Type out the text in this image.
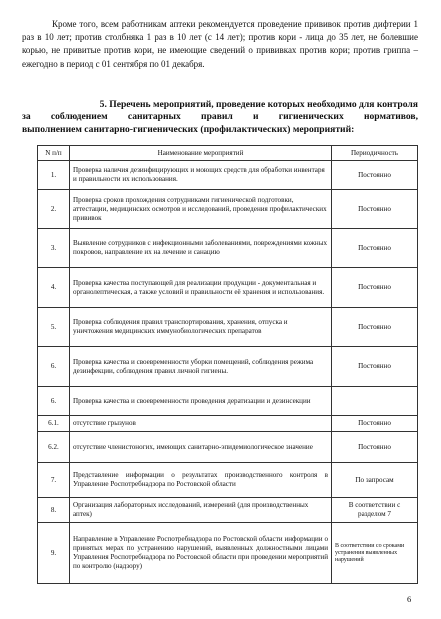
Кроме того, всем работникам аптеки рекомендуется проведение прививок против дифтерии 1 раз в 10 лет; против столбняка 1 раз в 10 лет (с 14 лет); против кори - лица до 35 лет, не болевшие корью, не привитые против кори, не имеющие сведений о прививках против кори; против гриппа – ежегодно в период с 01 сентября по 01 декабря.

5. Перечень мероприятий, проведение которых необходимо для контроля
за соблюдением санитарных правил и гигиенических нормативов,
выполнением санитарно-гигиенических (профилактических) мероприятий:
N п/п	Наименование мероприятий	Периодичность
1.	Проверка наличия дезинфицирующих и моющих средств для обработки инвентаря и правильности их использования.	Постоянно
2.	Проверка сроков прохождения сотрудниками гигиенической подготовки, аттестации, медицинских осмотров и исследований, проведения профилактических прививок	Постоянно
3.	Выявление сотрудников с инфекционными заболеваниями, повреждениями кожных покровов, направление их на лечение и санацию	Постоянно
4.	Проверка качества поступающей для реализации продукции - документальная и органолептическая, а также условий и правильности её хранения и использования.	Постоянно
5.	Проверка соблюдения правил транспортирования, хранения, отпуска и уничтожения медицинских иммунобиологических препаратов	Постоянно
6.	Проверка качества и своевременности уборки помещений, соблюдения режима дезинфекции, соблюдения правил личной гигиены.	Постоянно
6.	Проверка качества и своевременности проведения дератизации и дезинсекции	
6.1.	отсутствие грызунов	Постоянно
6.2.	отсутствие членистоногих, имеющих санитарно-эпидемиологическое значение	Постоянно
7.	Представление информации о результатах производственного контроля в Управление Роспотребнадзора по Ростовской области	По запросам
8.	Организация лабораторных исследований, измерений (для производственных аптек)	В соответствии с разделом 7
9.	Направление в Управление Роспотребнадзора по Ростовской области информации о принятых мерах по устранению нарушений, выявленных должностными лицами Управления Роспотребнадзора по Ростовской области при проведении мероприятий по контролю (надзору)	В соответствии со сроками устранения выявленных нарушений
6
